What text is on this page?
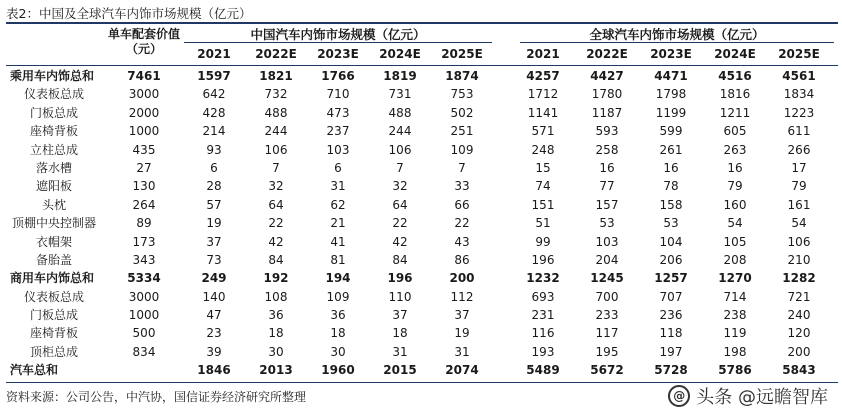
表2：中国及全球汽车内饰市场规模（亿元）
单车配套价值（元）
中国汽车内饰市场规模（亿元）	全球汽车内饰市场规模（亿元）
2021	2022E	2023E	2024E	2025E	2021	2022E	2023E	2024E	2025E
乘用车内饰总和	7461	1597	1821	1766	1819	1874	4257	4427	4471	4516	4561
仪表板总成	3000	642	732	710	731	753	1712	1780	1798	1816	1834
门板总成	2000	428	488	473	488	502	1141	1187	1199	1211	1223
座椅背板	1000	214	244	237	244	251	571	593	599	605	611
立柱总成	435	93	106	103	106	109	248	258	261	263	266
落水槽	27	6	7	6	7	7	15	16	16	16	17
遮阳板	130	28	32	31	32	33	74	77	78	79	79
头枕	264	57	64	62	64	66	151	157	158	160	161
顶棚中央控制器	89	19	22	21	22	22	51	53	53	54	54
衣帽架	173	37	42	41	42	43	99	103	104	105	106
备胎盖	343	73	84	81	84	86	196	204	206	208	210
商用车内饰总和	5334	249	192	194	196	200	1232	1245	1257	1270	1282
仪表板总成	3000	140	108	109	110	112	693	700	707	714	721
门板总成	1000	47	36	36	37	37	231	233	236	238	240
座椅背板	500	23	18	18	18	19	116	117	118	119	120
顶柜总成	834	39	30	30	31	31	193	195	197	198	200
汽车总和	1846	2013	1960	2015	2074	5489	5672	5728	5786	5843
资料来源：公司公告，中汽协，国信证券经济研究所整理	@ 头条 @远瞻智库
